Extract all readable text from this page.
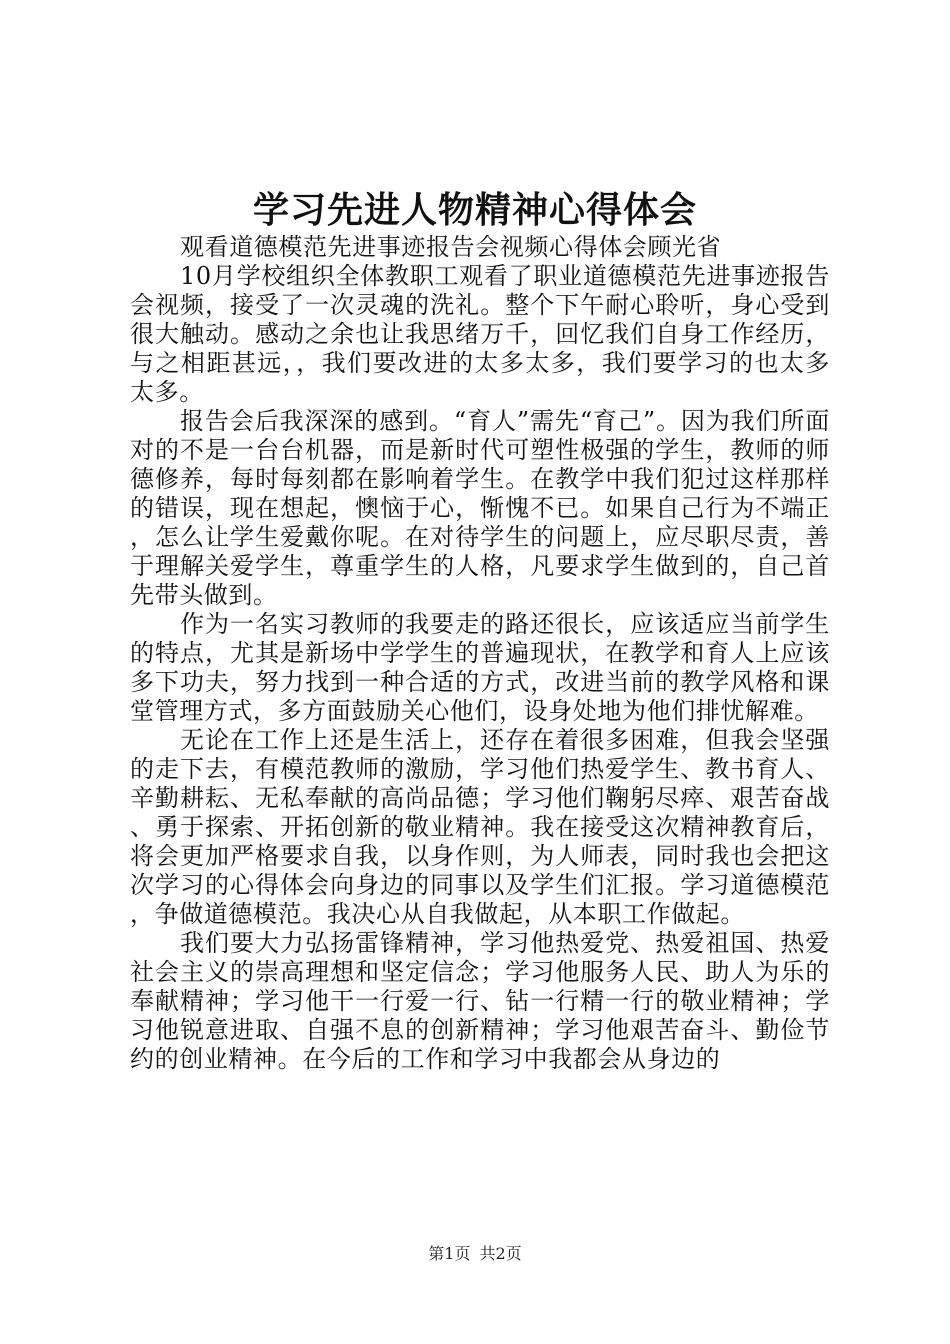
学习先进人物精神心得体会

观看道德模范先进事迹报告会视频心得体会顾光省

10月学校组织全体教职工观看了职业道德模范先进事迹报告会视频，接受了一次灵魂的洗礼。整个下午耐心聆听，身心受到很大触动。感动之余也让我思绪万千，回忆我们自身工作经历，与之相距甚远，，我们要改进的太多太多，我们要学习的也太多太多。

报告会后我深深的感到。“育人”需先“育己”。因为我们所面对的不是一台台机器，而是新时代可塑性极强的学生，教师的师德修养，每时每刻都在影响着学生。在教学中我们犯过这样那样的错误，现在想起，懊恼于心，惭愧不已。如果自己行为不端正，怎么让学生爱戴你呢。在对待学生的问题上，应尽职尽责，善于理解关爱学生，尊重学生的人格，凡要求学生做到的，自己首先带头做到。

作为一名实习教师的我要走的路还很长，应该适应当前学生的特点，尤其是新场中学学生的普遍现状，在教学和育人上应该多下功夫，努力找到一种合适的方式，改进当前的教学风格和课堂管理方式，多方面鼓励关心他们，设身处地为他们排忧解难。

无论在工作上还是生活上，还存在着很多困难，但我会坚强的走下去，有模范教师的激励，学习他们热爱学生、教书育人、辛勤耕耘、无私奉献的高尚品德；学习他们鞠躬尽瘁、艰苦奋战、勇于探索、开拓创新的敬业精神。我在接受这次精神教育后，将会更加严格要求自我，以身作则，为人师表，同时我也会把这次学习的心得体会向身边的同事以及学生们汇报。学习道德模范，争做道德模范。我决心从自我做起，从本职工作做起。

我们要大力弘扬雷锋精神，学习他热爱党、热爱祖国、热爱社会主义的崇高理想和坚定信念；学习他服务人民、助人为乐的奉献精神；学习他干一行爱一行、钻一行精一行的敬业精神；学习他锐意进取、自强不息的创新精神；学习他艰苦奋斗、勤俭节约的创业精神。在今后的工作和学习中我都会从身边的

第1页 共2页
